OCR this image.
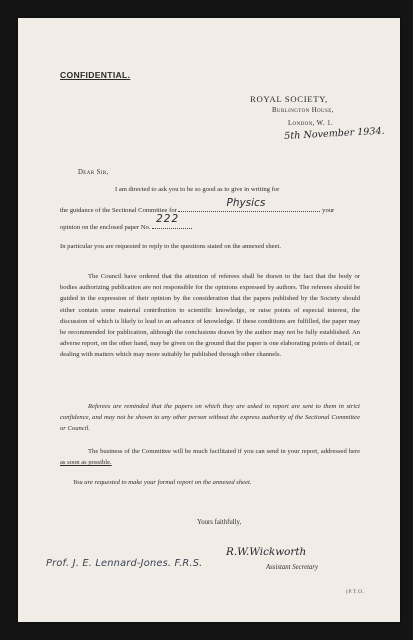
CONFIDENTIAL.
ROYAL SOCIETY,
Burlington House,
London, W. 1.
5th November 1934.
Dear Sir,
I am directed to ask you to be so good as to give in writing for
the guidance of the Sectional Committee for
Physics
your
opinion on the enclosed paper No.
222
In particular you are requested to reply to the questions stated on the annexed sheet.
The Council have ordered that the attention of referees shall be drawn to the fact that the body or bodies authorizing publication are not responsible for the opinions expressed by authors. The referees should be guided in the expression of their opinion by the consideration that the papers published by the Society should either contain some material contribution to scientific knowledge, or raise points of especial interest, the discussion of which is likely to lead to an advance of knowledge. If these conditions are fulfilled, the paper may be recommended for publication, although the conclusions drawn by the author may not be fully established. An adverse report, on the other hand, may be given on the ground that the paper is one elaborating points of detail, or dealing with matters which may more suitably be published through other channels.
Referees are reminded that the papers on which they are asked to report are sent to them in strict confidence, and may not be shown to any other person without the express authority of the Sectional Committee or Council.
The business of the Committee will be much facilitated if you can send in your report, addressed here as soon as possible.
You are requested to make your formal report on the annexed sheet.
Yours faithfully,
R.W.Wickworth
Assistant Secretary
Prof. J. E. Lennard-Jones. F.R.S.
(P.T.O.
